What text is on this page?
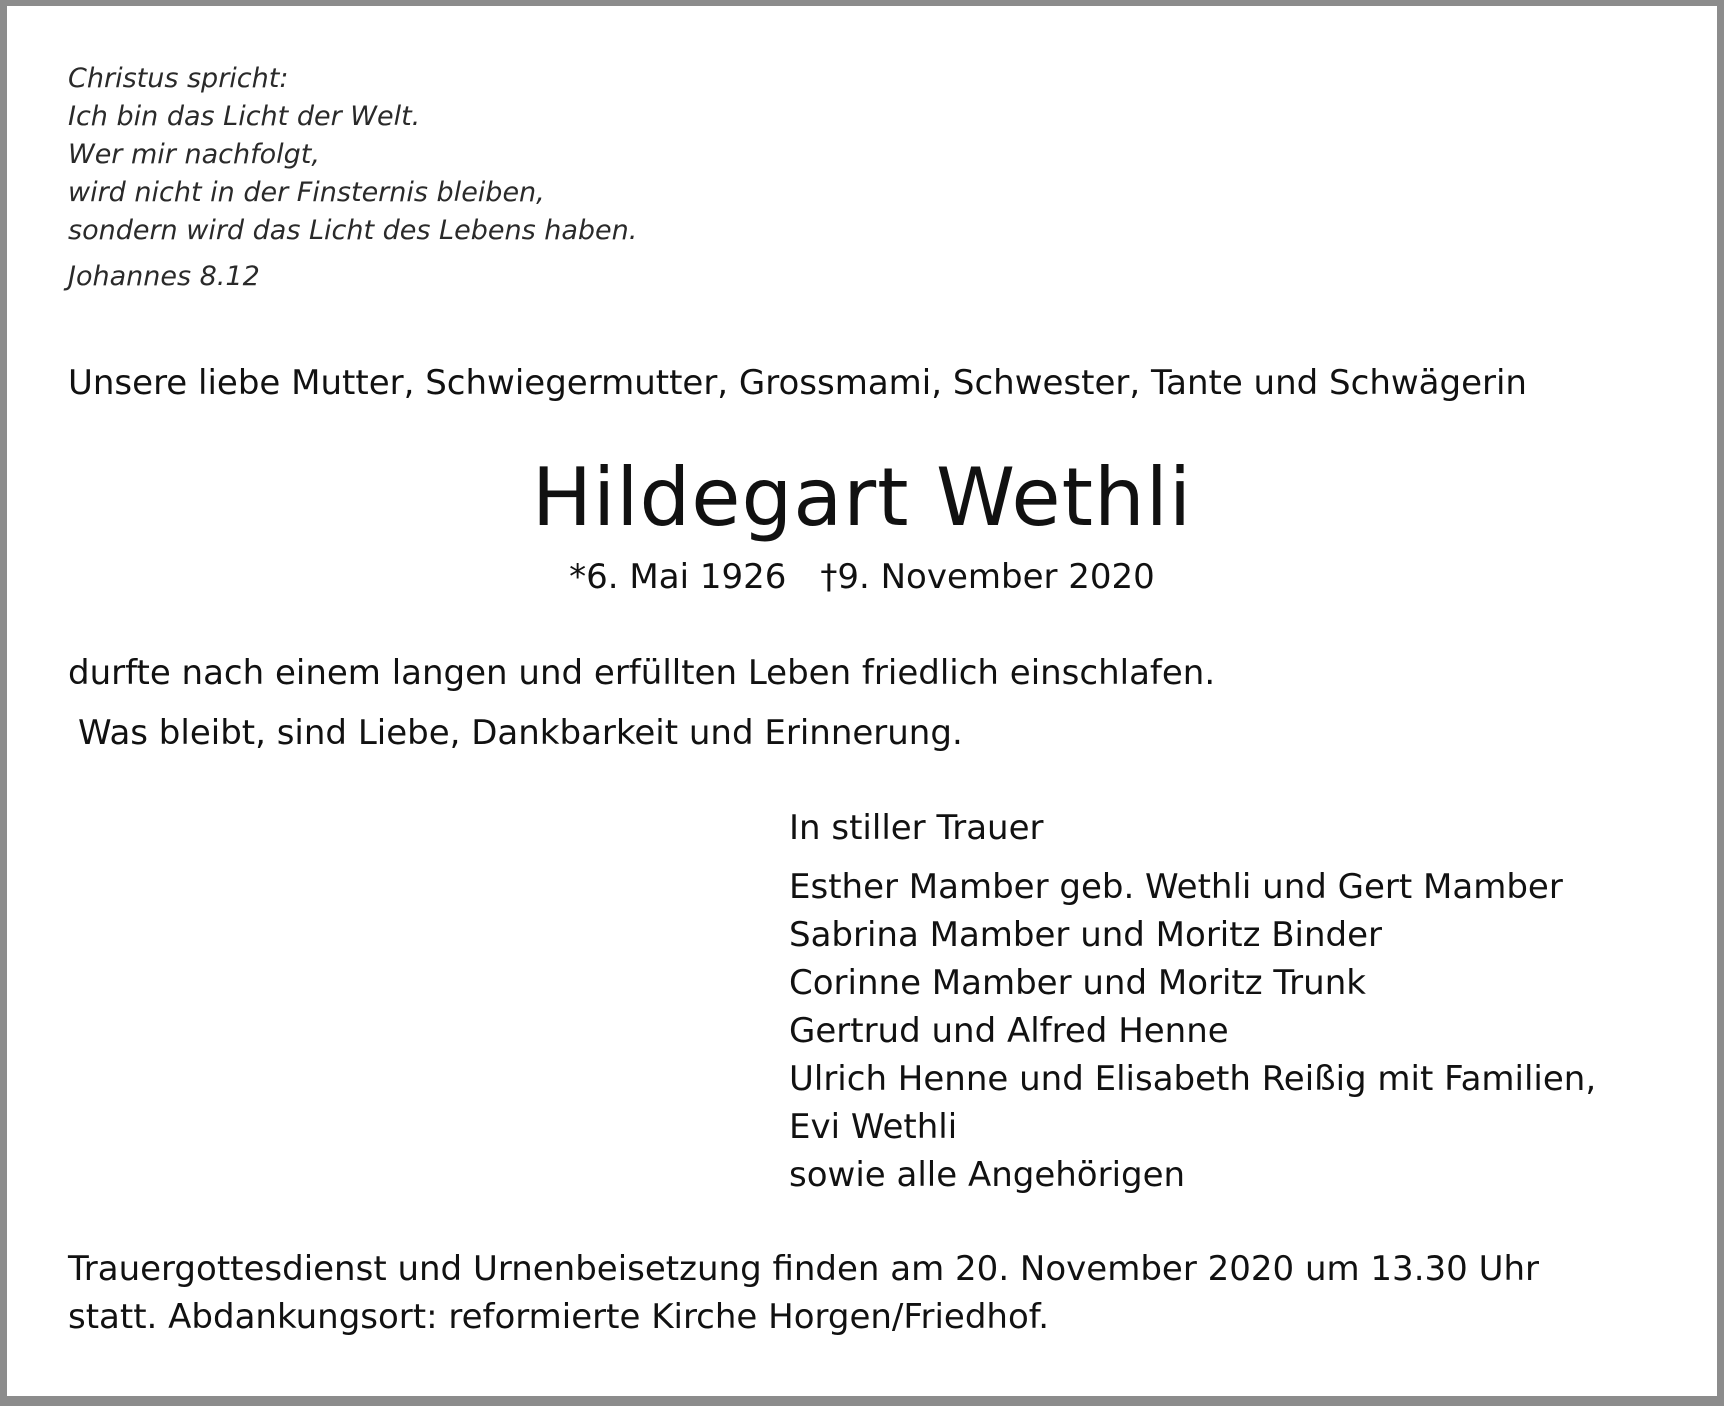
Christus spricht:
Ich bin das Licht der Welt.
Wer mir nachfolgt,
wird nicht in der Finsternis bleiben,
sondern wird das Licht des Lebens haben.
Johannes 8.12
Unsere liebe Mutter, Schwiegermutter, Grossmami, Schwester, Tante und Schwägerin
Hildegart Wethli
*6. Mai 1926 †9. November 2020
durfte nach einem langen und erfüllten Leben friedlich einschlafen.
Was bleibt, sind Liebe, Dankbarkeit und Erinnerung.
In stiller Trauer
Esther Mamber geb. Wethli und Gert Mamber
Sabrina Mamber und Moritz Binder
Corinne Mamber und Moritz Trunk
Gertrud und Alfred Henne
Ulrich Henne und Elisabeth Reißig mit Familien,
Evi Wethli
sowie alle Angehörigen
Trauergottesdienst und Urnenbeisetzung finden am 20. November 2020 um 13.30 Uhr
statt. Abdankungsort: reformierte Kirche Horgen/Friedhof.
